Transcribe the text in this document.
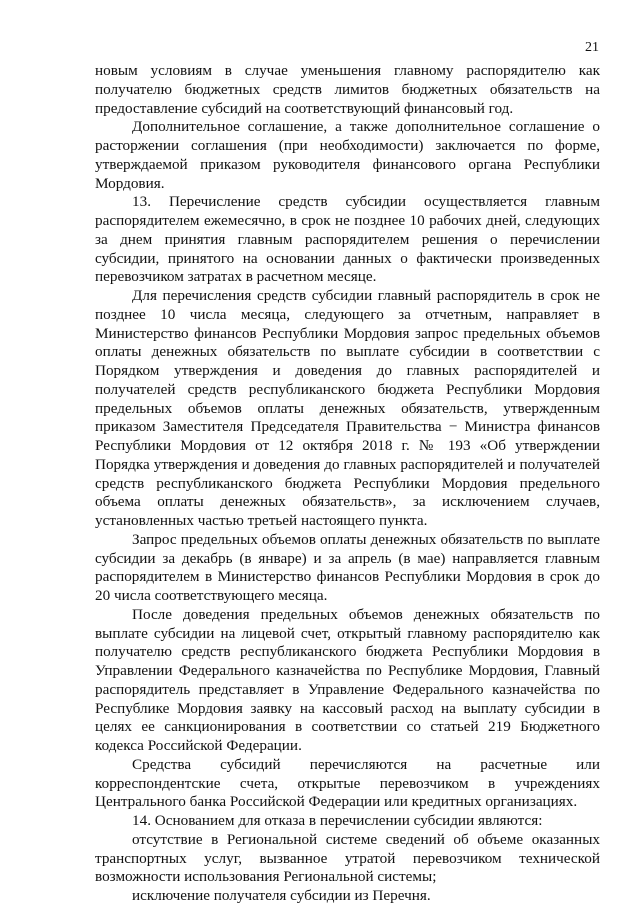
21

новым условиям в случае уменьшения главному распорядителю как получателю бюджетных средств лимитов бюджетных обязательств на предоставление субсидий на соответствующий финансовый год.

Дополнительное соглашение, а также дополнительное соглашение о расторжении соглашения (при необходимости) заключается по форме, утверждаемой приказом руководителя финансового органа Республики Мордовия.

13. Перечисление средств субсидии осуществляется главным распорядителем ежемесячно, в срок не позднее 10 рабочих дней, следующих за днем принятия главным распорядителем решения о перечислении субсидии, принятого на основании данных о фактически произведенных перевозчиком затратах в расчетном месяце.

Для перечисления средств субсидии главный распорядитель в срок не позднее 10 числа месяца, следующего за отчетным, направляет в Министерство финансов Республики Мордовия запрос предельных объемов оплаты денежных обязательств по выплате субсидии в соответствии с Порядком утверждения и доведения до главных распорядителей и получателей средств республиканского бюджета Республики Мордовия предельных объемов оплаты денежных обязательств, утвержденным приказом Заместителя Председателя Правительства − Министра финансов Республики Мордовия от 12 октября 2018 г. № 193 «Об утверждении Порядка утверждения и доведения до главных распорядителей и получателей средств республиканского бюджета Республики Мордовия предельного объема оплаты денежных обязательств», за исключением случаев, установленных частью третьей настоящего пункта.

Запрос предельных объемов оплаты денежных обязательств по выплате субсидии за декабрь (в январе) и за апрель (в мае) направляется главным распорядителем в Министерство финансов Республики Мордовия в срок до 20 числа соответствующего месяца.

После доведения предельных объемов денежных обязательств по выплате субсидии на лицевой счет, открытый главному распорядителю как получателю средств республиканского бюджета Республики Мордовия в Управлении Федерального казначейства по Республике Мордовия, Главный распорядитель представляет в Управление Федерального казначейства по Республике Мордовия заявку на кассовый расход на выплату субсидии в целях ее санкционирования в соответствии со статьей 219 Бюджетного кодекса Российской Федерации.

Средства субсидий перечисляются на расчетные или корреспондентские счета, открытые перевозчиком в учреждениях Центрального банка Российской Федерации или кредитных организациях.

14. Основанием для отказа в перечислении субсидии являются:

отсутствие в Региональной системе сведений об объеме оказанных транспортных услуг, вызванное утратой перевозчиком технической возможности использования Региональной системы;

исключение получателя субсидии из Перечня.
